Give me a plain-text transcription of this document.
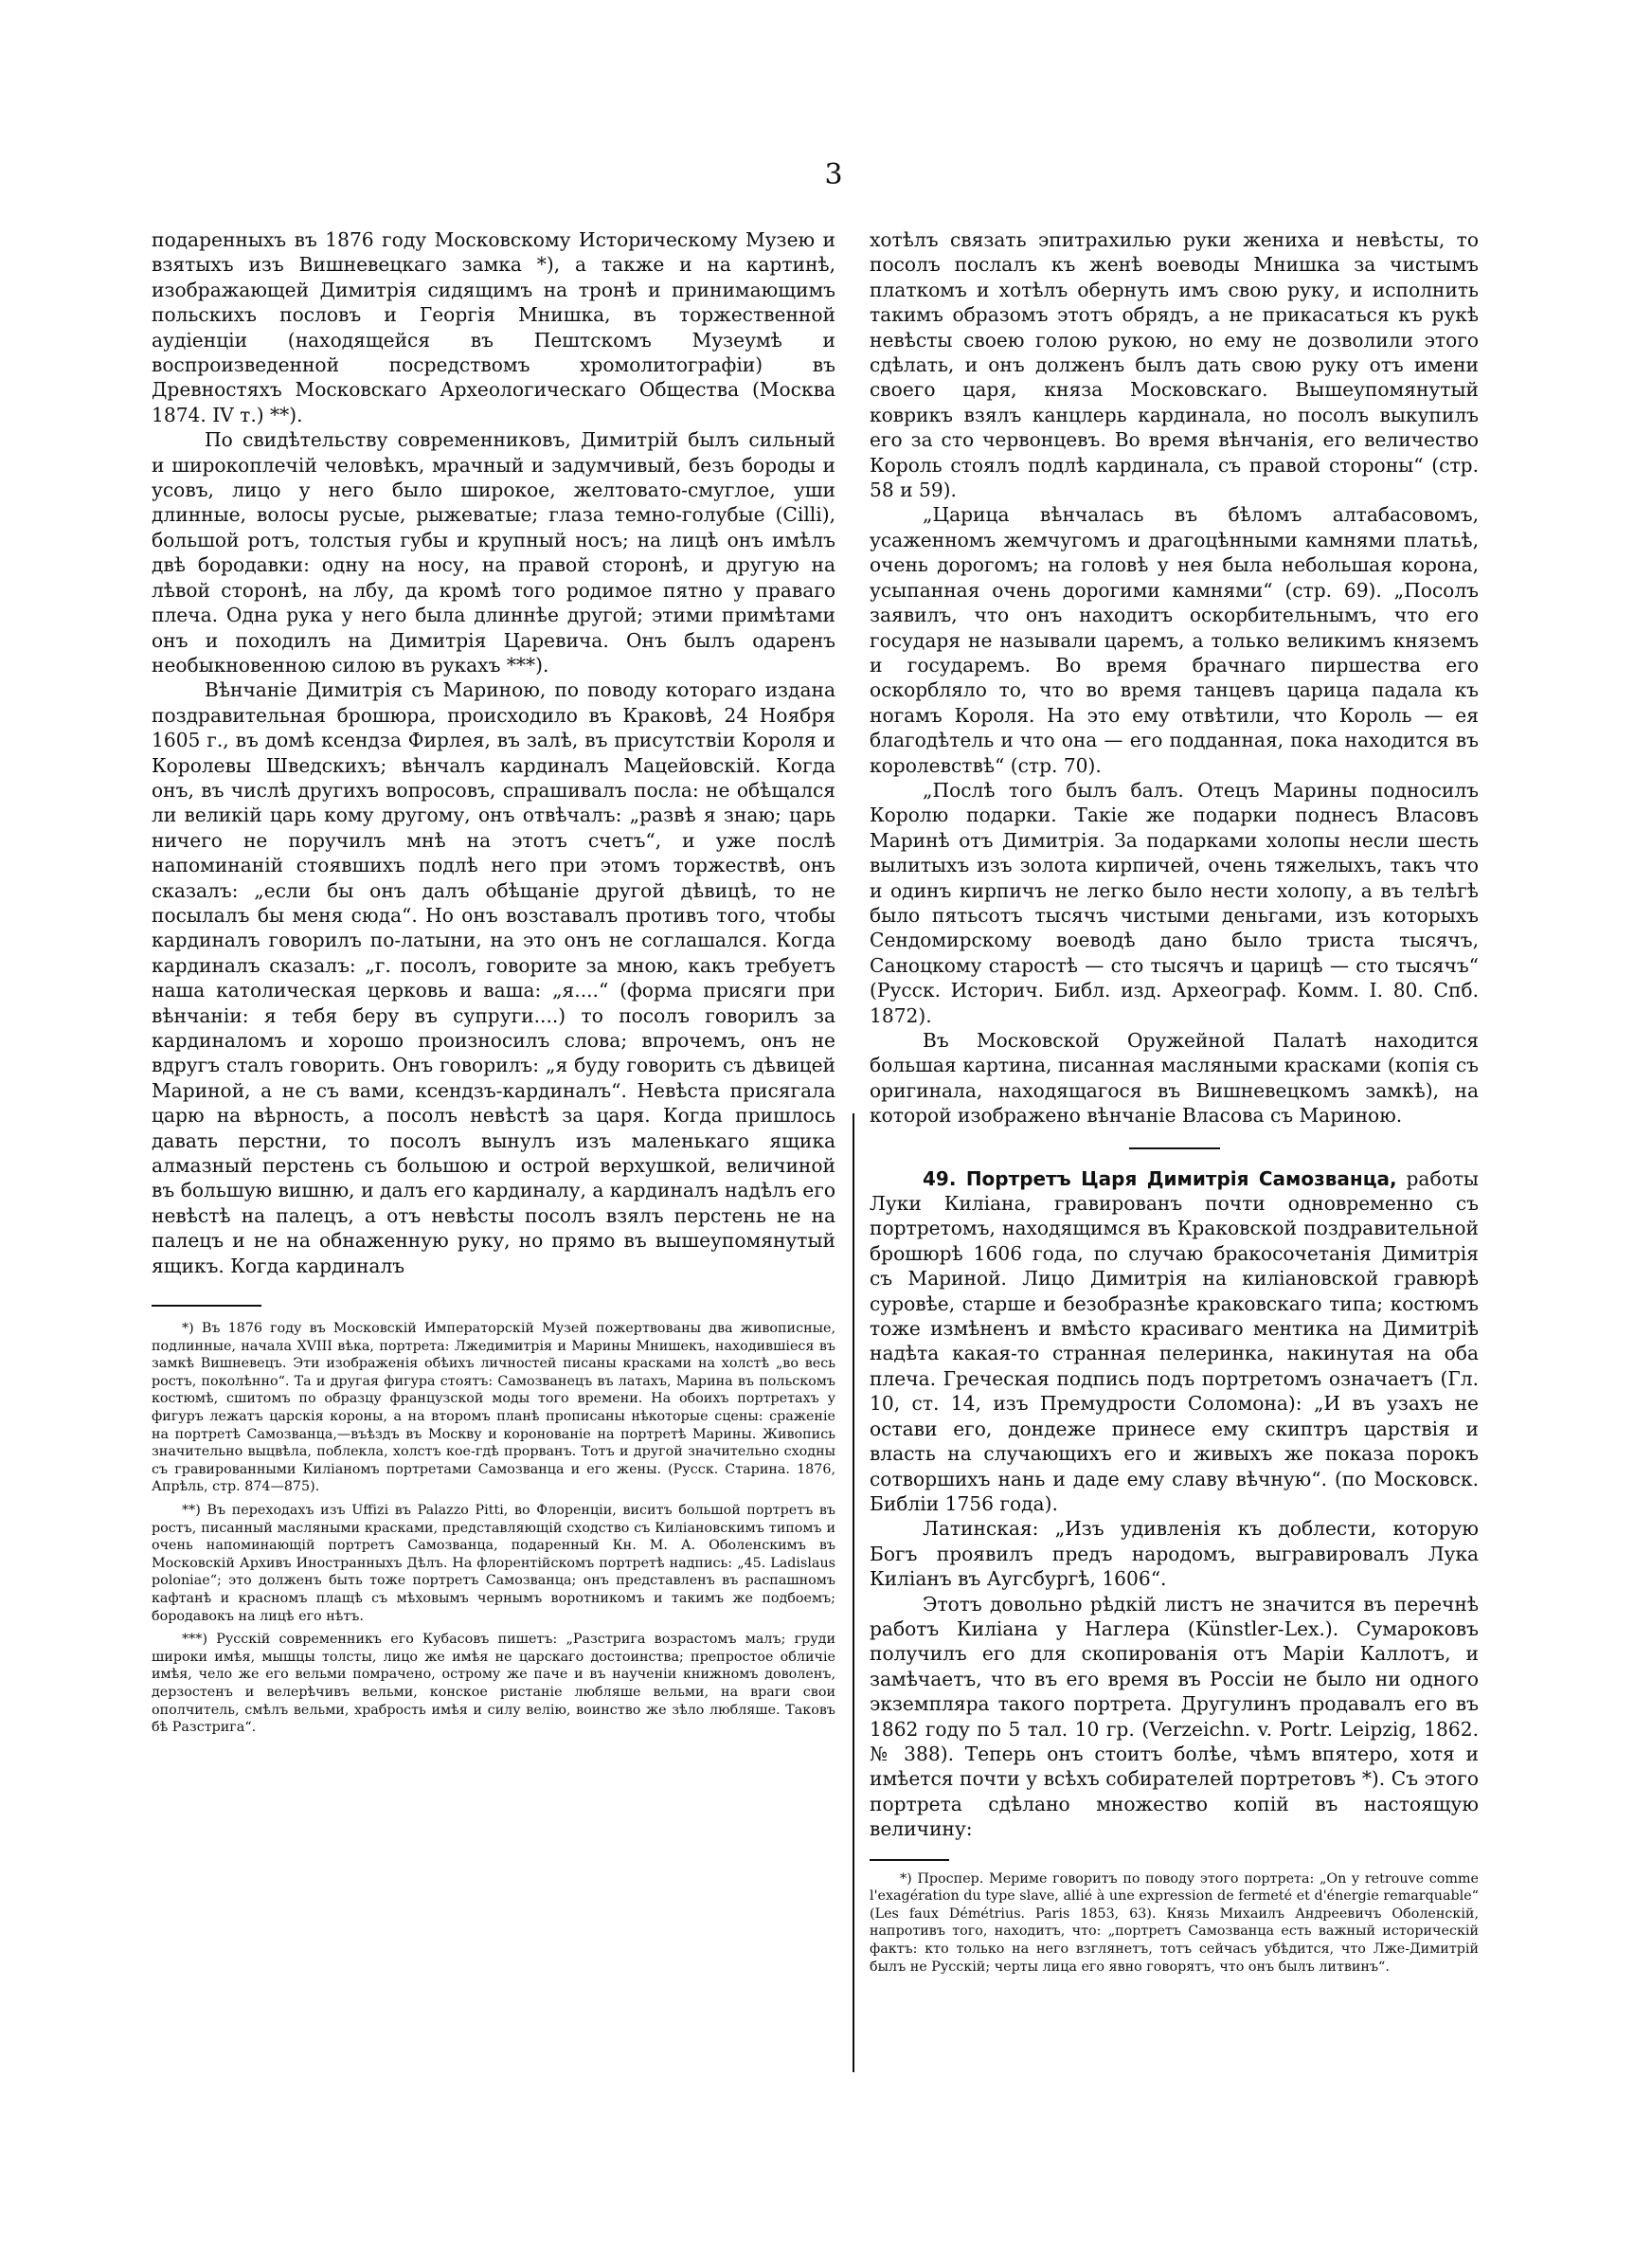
3

подаренныхъ въ 1876 году Московскому Историческому Музею и взятыхъ изъ Вишневецкаго замка *), а также и на картинѣ, изображающей Димитрія сидящимъ на тронѣ и принимающимъ польскихъ пословъ и Георгія Мнишка, въ торжественной аудіенціи (находящейся въ Пештскомъ Музеумѣ и воспроизведенной посредствомъ хромолитографіи) въ Древностяхъ Московскаго Археологическаго Общества (Москва 1874. IV т.) **).

По свидѣтельству современниковъ, Димитрій былъ сильный и широкоплечій человѣкъ, мрачный и задумчивый, безъ бороды и усовъ, лицо у него было широкое, желтовато-смуглое, уши длинные, волосы русые, рыжеватые; глаза темно-голубые (Cilli), большой ротъ, толстыя губы и крупный носъ; на лицѣ онъ имѣлъ двѣ бородавки: одну на носу, на правой сторонѣ, и другую на лѣвой сторонѣ, на лбу, да кромѣ того родимое пятно у праваго плеча. Одна рука у него была длиннѣе другой; этими примѣтами онъ и походилъ на Димитрія Царевича. Онъ былъ одаренъ необыкновенною силою въ рукахъ ***).

Вѣнчаніе Димитрія съ Мариною, по поводу котораго издана поздравительная брошюра, происходило въ Краковѣ, 24 Ноября 1605 г., въ домѣ ксендза Фирлея, въ залѣ, въ присутствіи Короля и Королевы Шведскихъ; вѣнчалъ кардиналъ Мацейовскій. Когда онъ, въ числѣ другихъ вопросовъ, спрашивалъ посла: не обѣщался ли великій царь кому другому, онъ отвѣчалъ: „развѣ я знаю; царь ничего не поручилъ мнѣ на этотъ счетъ“, и уже послѣ напоминаній стоявшихъ подлѣ него при этомъ торжествѣ, онъ сказалъ: „если бы онъ далъ обѣщаніе другой дѣвицѣ, то не посылалъ бы меня сюда“. Но онъ возставалъ противъ того, чтобы кардиналъ говорилъ по-латыни, на это онъ не соглашался. Когда кардиналъ сказалъ: „г. посолъ, говорите за мною, какъ требуетъ наша католическая церковь и ваша: „я....“ (форма присяги при вѣнчаніи: я тебя беру въ супруги....) то посолъ говорилъ за кардиналомъ и хорошо произносилъ слова; впрочемъ, онъ не вдругъ сталъ говорить. Онъ говорилъ: „я буду говорить съ дѣвицей Мариной, а не съ вами, ксендзъ-кардиналъ“. Невѣста присягала царю на вѣрность, а посолъ невѣстѣ за царя. Когда пришлось давать перстни, то посолъ вынулъ изъ маленькаго ящика алмазный перстень съ большою и острой верхушкой, величиной въ большую вишню, и далъ его кардиналу, а кардиналъ надѣлъ его невѣстѣ на палецъ, а отъ невѣсты посолъ взялъ перстень не на палецъ и не на обнаженную руку, но прямо въ вышеупомянутый ящикъ. Когда кардиналъ

*) Въ 1876 году въ Московскій Императорскій Музей пожертвованы два живописные, подлинные, начала XVIII вѣка, портрета: Лжедимитрія и Марины Мнишекъ, находившіеся въ замкѣ Вишневецъ. Эти изображенія обѣихъ личностей писаны красками на холстѣ „во весь ростъ, поколѣнно“. Та и другая фигура стоятъ: Самозванецъ въ латахъ, Марина въ польскомъ костюмѣ, сшитомъ по образцу французской моды того времени. На обоихъ портретахъ у фигуръ лежатъ царскія короны, а на второмъ планѣ прописаны нѣкоторые сцены: сраженіе на портретѣ Самозванца,—въѣздъ въ Москву и коронованіе на портретѣ Марины. Живопись значительно выцвѣла, поблекла, холстъ кое-гдѣ прорванъ. Тотъ и другой значительно сходны съ гравированными Киліаномъ портретами Самозванца и его жены. (Русск. Старина. 1876, Апрѣль, стр. 874—875).

**) Въ переходахъ изъ Uffizi въ Palazzo Pitti, во Флоренціи, виситъ большой портретъ въ ростъ, писанный масляными красками, представляющій сходство съ Киліановскимъ типомъ и очень напоминающій портретъ Самозванца, подаренный Кн. М. А. Оболенскимъ въ Московскій Архивъ Иностранныхъ Дѣлъ. На флорентійскомъ портретѣ надпись: „45. Ladislaus poloniae“; это долженъ быть тоже портретъ Самозванца; онъ представленъ въ распашномъ кафтанѣ и красномъ плащѣ съ мѣховымъ чернымъ воротникомъ и такимъ же подбоемъ; бородавокъ на лицѣ его нѣтъ.

***) Русскій современникъ его Кубасовъ пишетъ: „Разстрига возрастомъ малъ; груди широки имѣя, мышцы толсты, лицо же имѣя не царскаго достоинства; препростое обличіе имѣя, чело же его вельми помрачено, острому же паче и въ наученіи книжномъ доволенъ, дерзостенъ и велерѣчивъ вельми, конское ристаніе любляше вельми, на враги свои ополчитель, смѣлъ вельми, храбрость имѣя и силу велію, воинство же зѣло любляше. Таковъ бѣ Разстрига“.

хотѣлъ связать эпитрахилью руки жениха и невѣсты, то посолъ послалъ къ женѣ воеводы Мнишка за чистымъ платкомъ и хотѣлъ обернуть имъ свою руку, и исполнить такимъ образомъ этотъ обрядъ, а не прикасаться къ рукѣ невѣсты своею голою рукою, но ему не дозволили этого сдѣлать, и онъ долженъ былъ дать свою руку отъ имени своего царя, княза Московскаго. Вышеупомянутый коврикъ взялъ канцлерь кардинала, но посолъ выкупилъ его за сто червонцевъ. Во время вѣнчанія, его величество Король стоялъ подлѣ кардинала, съ правой стороны“ (стр. 58 и 59).

„Царица вѣнчалась въ бѣломъ алтабасовомъ, усаженномъ жемчугомъ и драгоцѣнными камнями платьѣ, очень дорогомъ; на головѣ у нея была небольшая корона, усыпанная очень дорогими камнями“ (стр. 69). „Посолъ заявилъ, что онъ находитъ оскорбительнымъ, что его государя не называли царемъ, а только великимъ княземъ и государемъ. Во время брачнаго пиршества его оскорбляло то, что во время танцевъ царица падала къ ногамъ Короля. На это ему отвѣтили, что Король — ея благодѣтель и что она — его подданная, пока находится въ королевствѣ“ (стр. 70).

„Послѣ того былъ балъ. Отецъ Марины подносилъ Королю подарки. Такіе же подарки поднесъ Власовъ Маринѣ отъ Димитрія. За подарками холопы несли шесть вылитыхъ изъ золота кирпичей, очень тяжелыхъ, такъ что и одинъ кирпичъ не легко было нести холопу, а въ телѣгѣ было пятьсотъ тысячъ чистыми деньгами, изъ которыхъ Сендомирскому воеводѣ дано было триста тысячъ, Саноцкому старостѣ — сто тысячъ и царицѣ — сто тысячъ“ (Русск. Историч. Библ. изд. Археограф. Комм. I. 80. Спб. 1872).

Въ Московской Оружейной Палатѣ находится большая картина, писанная масляными красками (копія съ оригинала, находящагося въ Вишневецкомъ замкѣ), на которой изображено вѣнчаніе Власова съ Мариною.

49. Портретъ Царя Димитрія Самозванца, работы Луки Киліана, гравированъ почти одновременно съ портретомъ, находящимся въ Краковской поздравительной брошюрѣ 1606 года, по случаю бракосочетанія Димитрія съ Мариной. Лицо Димитрія на киліановской гравюрѣ суровѣе, старше и безобразнѣе краковскаго типа; костюмъ тоже измѣненъ и вмѣсто красиваго ментика на Димитріѣ надѣта какая-то странная пелеринка, накинутая на оба плеча. Греческая подпись подъ портретомъ означаетъ (Гл. 10, ст. 14, изъ Премудрости Соломона): „И въ узахъ не остави его, дондеже принесе ему скиптръ царствія и власть на случающихъ его и живыхъ же показа порокъ сотворшихъ нань и даде ему славу вѣчную“. (по Московск. Библіи 1756 года).

Латинская: „Изъ удивленія къ доблести, которую Богъ проявилъ предъ народомъ, выгравировалъ Лука Киліанъ въ Аугсбургѣ, 1606“.

Этотъ довольно рѣдкій листъ не значится въ перечнѣ работъ Киліана у Наглера (Künstler-Lex.). Сумароковъ получилъ его для скопированія отъ Маріи Каллотъ, и замѣчаетъ, что въ его время въ Россіи не было ни одного экземпляра такого портрета. Другулинъ продавалъ его въ 1862 году по 5 тал. 10 гр. (Verzeichn. v. Portr. Leipzig, 1862. № 388). Теперь онъ стоитъ болѣе, чѣмъ впятеро, хотя и имѣется почти у всѣхъ собирателей портретовъ *). Съ этого портрета сдѣлано множество копій въ настоящую величину:

*) Проспер. Мериме говоритъ по поводу этого портрета: „On y retrouve comme l'exagération du type slave, allié à une expression de fermeté et d'énergie remarquable“ (Les faux Démétrius. Paris 1853, 63). Князь Михаилъ Андреевичъ Оболенскій, напротивъ того, находитъ, что: „портретъ Самозванца есть важный историческій фактъ: кто только на него взглянетъ, тотъ сейчасъ убѣдится, что Лже-Димитрій былъ не Русскій; черты лица его явно говорятъ, что онъ былъ литвинъ“.
